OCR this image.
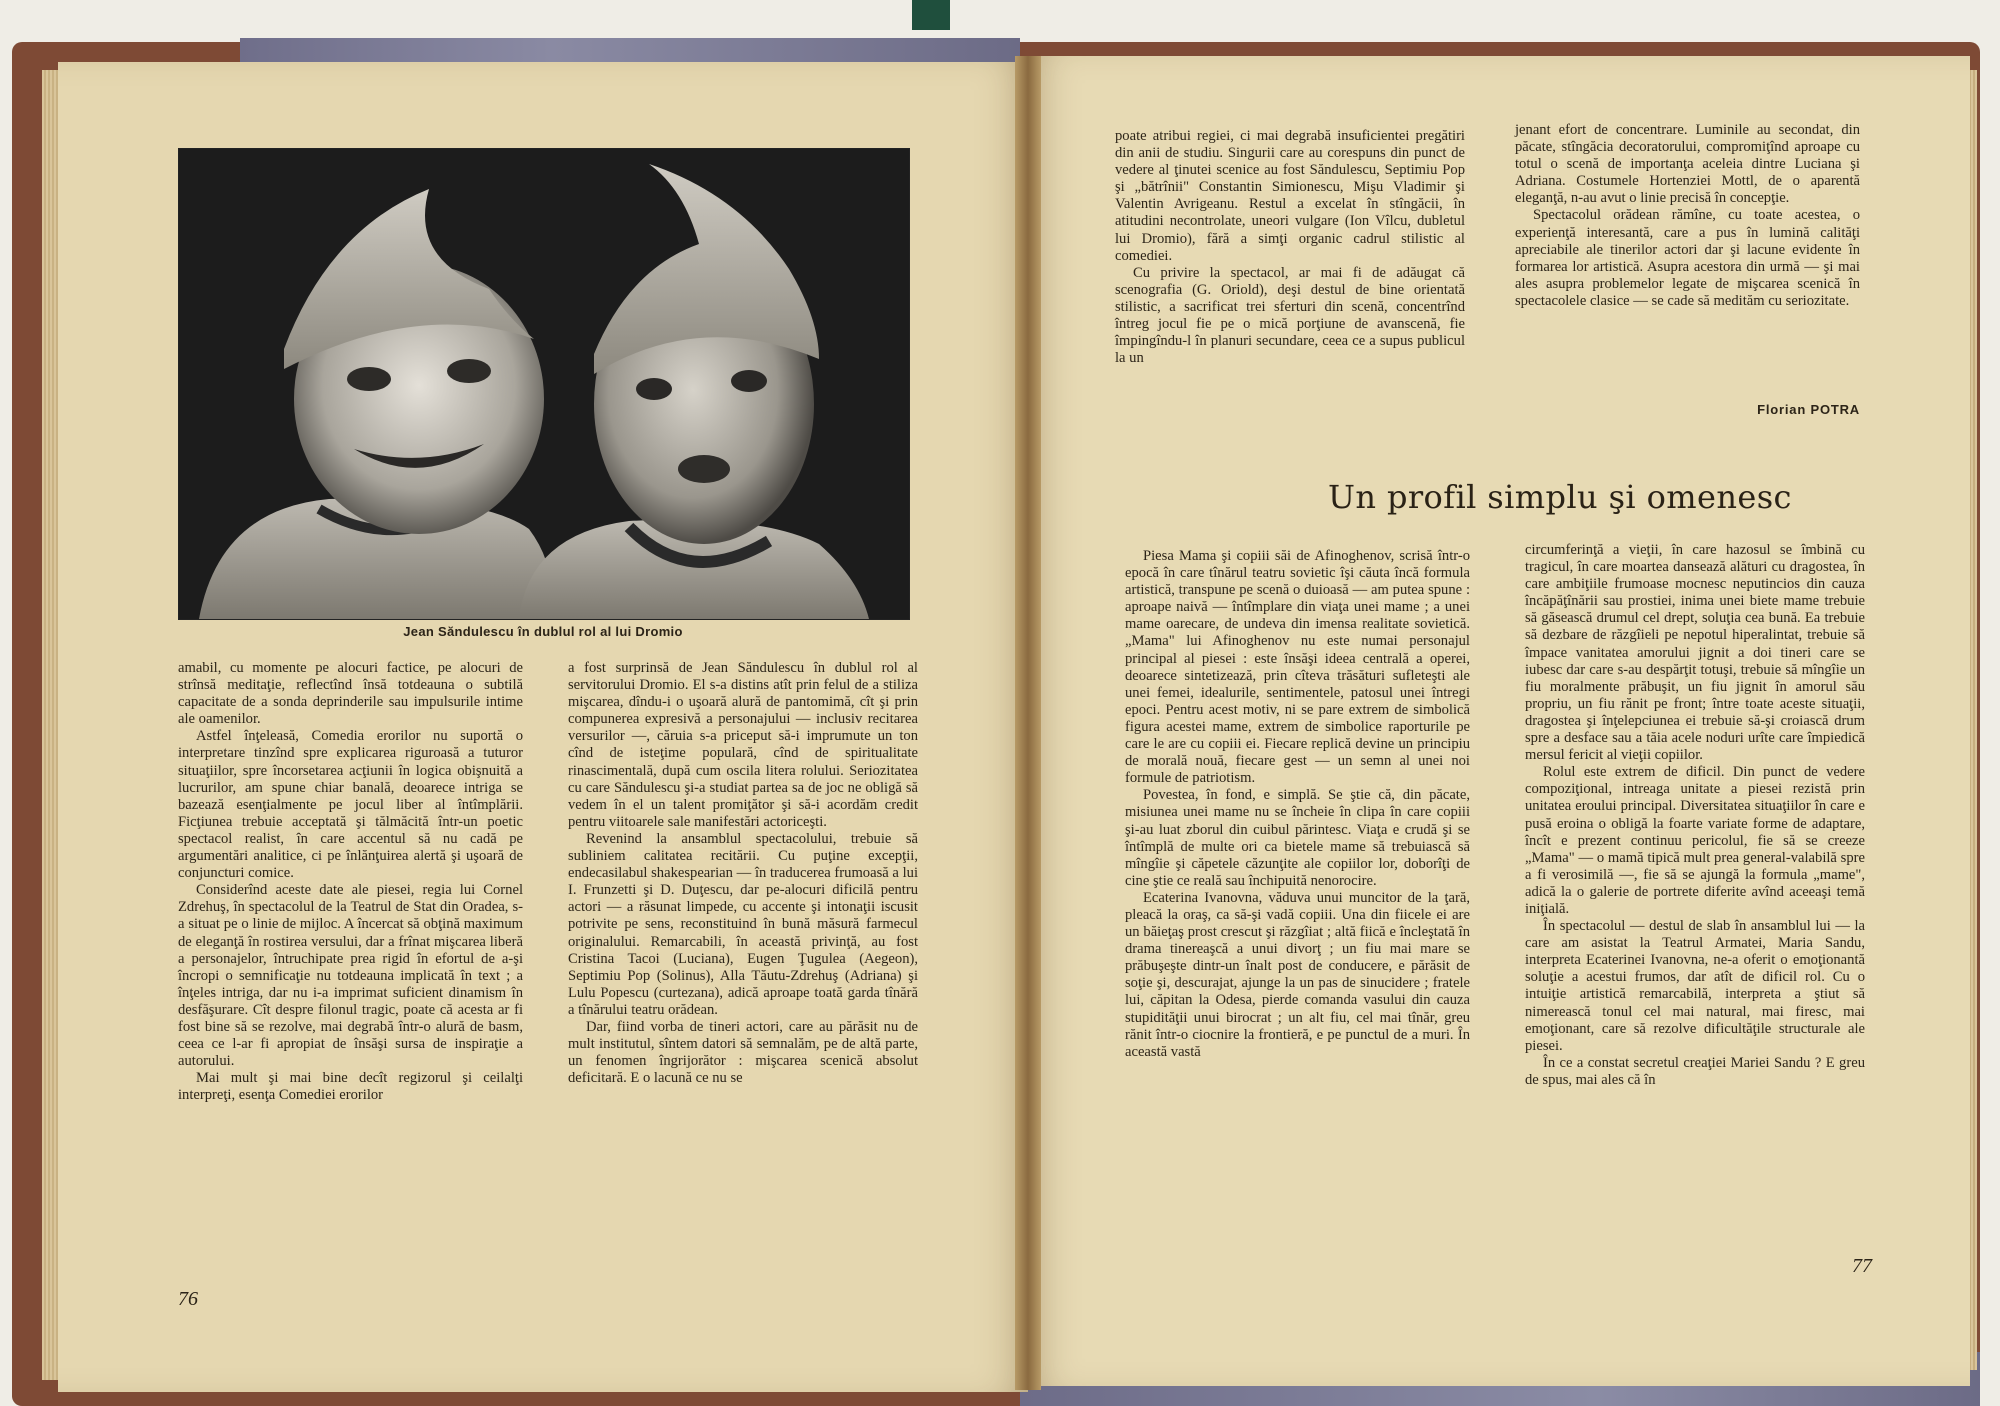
Jean Săndulescu în dublul rol al lui Dromio

amabil, cu momente pe alocuri factice, pe alocuri de strînsă meditaţie, reflectînd însă totdeauna o subtilă capacitate de a sonda deprinderile sau impulsurile intime ale oamenilor.

Astfel înţeleasă, Comedia erorilor nu suportă o interpretare tinzînd spre explicarea riguroasă a tuturor situaţiilor, spre încorsetarea acţiunii în logica obişnuită a lucrurilor, am spune chiar banală, deoarece intriga se bazează esenţialmente pe jocul liber al întîmplării. Ficţiunea trebuie acceptată şi tălmăcită într-un poetic spectacol realist, în care accentul să nu cadă pe argumentări analitice, ci pe înlănţuirea alertă şi uşoară de conjuncturi comice.

Considerînd aceste date ale piesei, regia lui Cornel Zdrehuş, în spectacolul de la Teatrul de Stat din Oradea, s-a situat pe o linie de mijloc. A încercat să obţină maximum de eleganţă în rostirea versului, dar a frînat mişcarea liberă a personajelor, întruchipate prea rigid în efortul de a-şi încropi o semnificaţie nu totdeauna implicată în text ; a înţeles intriga, dar nu i-a imprimat suficient dinamism în desfăşurare. Cît despre filonul tragic, poate că acesta ar fi fost bine să se rezolve, mai degrabă într-o alură de basm, ceea ce l-ar fi apropiat de însăşi sursa de inspiraţie a autorului.

Mai mult şi mai bine decît regizorul şi ceilalţi interpreţi, esenţa Comediei erorilor

a fost surprinsă de Jean Săndulescu în dublul rol al servitorului Dromio. El s-a distins atît prin felul de a stiliza mişcarea, dîndu-i o uşoară alură de pantomimă, cît şi prin compunerea expresivă a personajului — inclusiv recitarea versurilor —, căruia s-a priceput să-i imprumute un ton cînd de isteţime populară, cînd de spiritualitate rinascimentală, după cum oscila litera rolului. Seriozitatea cu care Săndulescu şi-a studiat partea sa de joc ne obligă să vedem în el un talent promiţător şi să-i acordăm credit pentru viitoarele sale manifestări actoriceşti.

Revenind la ansamblul spectacolului, trebuie să subliniem calitatea recitării. Cu puţine excepţii, endecasilabul shakespearian — în traducerea frumoasă a lui I. Frunzetti şi D. Duţescu, dar pe-alocuri dificilă pentru actori — a răsunat limpede, cu accente şi intonaţii iscusit potrivite pe sens, reconstituind în bună măsură farmecul originalului. Remarcabili, în această privinţă, au fost Cristina Tacoi (Luciana), Eugen Ţugulea (Aegeon), Septimiu Pop (Solinus), Alla Tăutu-Zdrehuş (Adriana) şi Lulu Popescu (curtezana), adică aproape toată garda tînără a tînărului teatru orădean.

Dar, fiind vorba de tineri actori, care au părăsit nu de mult institutul, sîntem datori să semnalăm, pe de altă parte, un fenomen îngrijorător : mişcarea scenică absolut deficitară. E o lacună ce nu se

76

poate atribui regiei, ci mai degrabă insuficientei pregătiri din anii de studiu. Singurii care au corespuns din punct de vedere al ţinutei scenice au fost Săndulescu, Septimiu Pop şi „bătrînii" Constantin Simionescu, Mişu Vladimir şi Valentin Avrigeanu. Restul a excelat în stîngăcii, în atitudini necontrolate, uneori vulgare (Ion Vîlcu, dubletul lui Dromio), fără a simţi organic cadrul stilistic al comediei.

Cu privire la spectacol, ar mai fi de adăugat că scenografia (G. Oriold), deşi destul de bine orientată stilistic, a sacrificat trei sferturi din scenă, concentrînd întreg jocul fie pe o mică porţiune de avanscenă, fie împingîndu-l în planuri secundare, ceea ce a supus publicul la un

jenant efort de concentrare. Luminile au secondat, din păcate, stîngăcia decoratorului, compromiţînd aproape cu totul o scenă de importanţa aceleia dintre Luciana şi Adriana. Costumele Hortenziei Mottl, de o aparentă eleganţă, n-au avut o linie precisă în concepţie.

Spectacolul orădean rămîne, cu toate acestea, o experienţă interesantă, care a pus în lumină calităţi apreciabile ale tinerilor actori dar şi lacune evidente în formarea lor artistică. Asupra acestora din urmă — şi mai ales asupra problemelor legate de mişcarea scenică în spectacolele clasice — se cade să medităm cu seriozitate.

Florian POTRA
Un profil simplu şi omenesc

Piesa Mama şi copiii săi de Afinoghenov, scrisă într-o epocă în care tînărul teatru sovietic îşi căuta încă formula artistică, transpune pe scenă o duioasă — am putea spune : aproape naivă — întîmplare din viaţa unei mame ; a unei mame oarecare, de undeva din imensa realitate sovietică. „Mama" lui Afinoghenov nu este numai personajul principal al piesei : este însăşi ideea centrală a operei, deoarece sintetizează, prin cîteva trăsături sufleteşti ale unei femei, idealurile, sentimentele, patosul unei întregi epoci. Pentru acest motiv, ni se pare extrem de simbolică figura acestei mame, extrem de simbolice raporturile pe care le are cu copiii ei. Fiecare replică devine un principiu de morală nouă, fiecare gest — un semn al unei noi formule de patriotism.

Povestea, în fond, e simplă. Se ştie că, din păcate, misiunea unei mame nu se încheie în clipa în care copiii şi-au luat zborul din cuibul părintesc. Viaţa e crudă şi se întîmplă de multe ori ca bietele mame să trebuiască să mîngîie şi căpetele căzunţite ale copiilor lor, doborîţi de cine ştie ce reală sau închipuită nenorocire.

Ecaterina Ivanovna, văduva unui muncitor de la ţară, pleacă la oraş, ca să-şi vadă copiii. Una din fiicele ei are un băieţaş prost crescut şi răzgîiat ; altă fiică e încleştată în drama tinereaşcă a unui divorţ ; un fiu mai mare se prăbuşeşte dintr-un înalt post de conducere, e părăsit de soţie şi, descurajat, ajunge la un pas de sinucidere ; fratele lui, căpitan la Odesa, pierde comanda vasului din cauza stupidităţii unui birocrat ; un alt fiu, cel mai tînăr, greu rănit într-o ciocnire la frontieră, e pe punctul de a muri. În această vastă

circumferinţă a vieţii, în care hazosul se îmbină cu tragicul, în care moartea dansează alături cu dragostea, în care ambiţiile frumoase mocnesc neputincios din cauza încăpăţînării sau prostiei, inima unei biete mame trebuie să găsească drumul cel drept, soluţia cea bună. Ea trebuie să dezbare de răzgîieli pe nepotul hiperalintat, trebuie să împace vanitatea amorului jignit a doi tineri care se iubesc dar care s-au despărţit totuşi, trebuie să mîngîie un fiu moralmente prăbuşit, un fiu jignit în amorul său propriu, un fiu rănit pe front; între toate aceste situaţii, dragostea şi înţelepciunea ei trebuie să-şi croiască drum spre a desface sau a tăia acele noduri urîte care împiedică mersul fericit al vieţii copiilor.

Rolul este extrem de dificil. Din punct de vedere compoziţional, intreaga unitate a piesei rezistă prin unitatea eroului principal. Diversitatea situaţiilor în care e pusă eroina o obligă la foarte variate forme de adaptare, încît e prezent continuu pericolul, fie să se creeze „Mama" — o mamă tipică mult prea general-valabilă spre a fi verosimilă —, fie să se ajungă la formula „mame", adică la o galerie de portrete diferite avînd aceeaşi temă iniţială.

În spectacolul — destul de slab în ansamblul lui — la care am asistat la Teatrul Armatei, Maria Sandu, interpreta Ecaterinei Ivanovna, ne-a oferit o emoţionantă soluţie a acestui frumos, dar atît de dificil rol. Cu o intuiţie artistică remarcabilă, interpreta a ştiut să nimerească tonul cel mai natural, mai firesc, mai emoţionant, care să rezolve dificultăţile structurale ale piesei.

În ce a constat secretul creaţiei Mariei Sandu ? E greu de spus, mai ales că în

77
